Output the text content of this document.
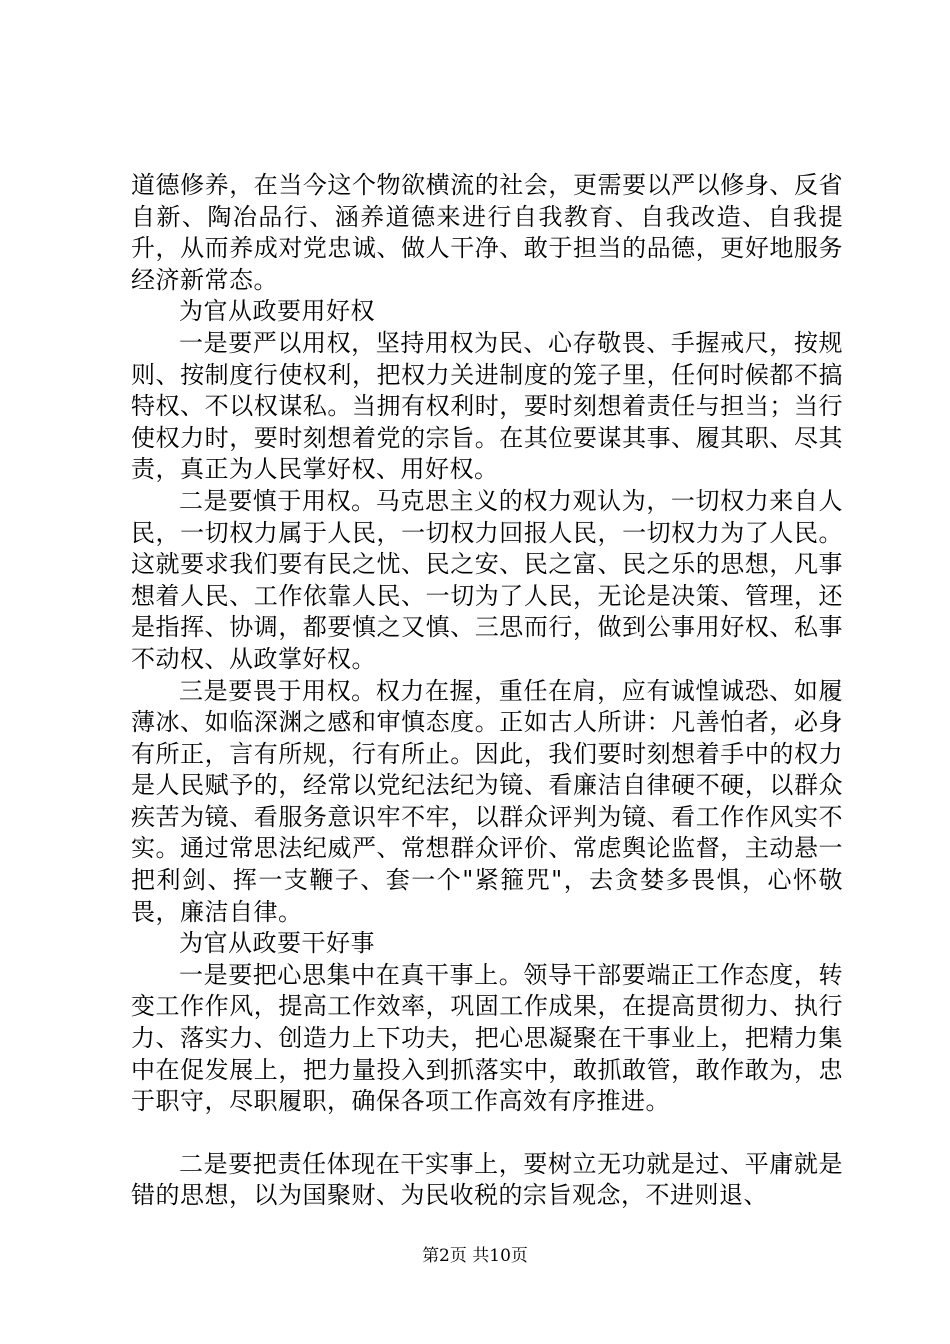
道德修养，在当今这个物欲横流的社会，更需要以严以修身、反省自新、陶冶品行、涵养道德来进行自我教育、自我改造、自我提升，从而养成对党忠诚、做人干净、敢于担当的品德，更好地服务经济新常态。

为官从政要用好权

一是要严以用权，坚持用权为民、心存敬畏、手握戒尺，按规则、按制度行使权利，把权力关进制度的笼子里，任何时候都不搞特权、不以权谋私。当拥有权利时，要时刻想着责任与担当；当行使权力时，要时刻想着党的宗旨。在其位要谋其事、履其职、尽其责，真正为人民掌好权、用好权。

二是要慎于用权。马克思主义的权力观认为，一切权力来自人民，一切权力属于人民，一切权力回报人民，一切权力为了人民。这就要求我们要有民之忧、民之安、民之富、民之乐的思想，凡事想着人民、工作依靠人民、一切为了人民，无论是决策、管理，还是指挥、协调，都要慎之又慎、三思而行，做到公事用好权、私事不动权、从政掌好权。

三是要畏于用权。权力在握，重任在肩，应有诚惶诚恐、如履薄冰、如临深渊之感和审慎态度。正如古人所讲：凡善怕者，必身有所正，言有所规，行有所止。因此，我们要时刻想着手中的权力是人民赋予的，经常以党纪法纪为镜、看廉洁自律硬不硬，以群众疾苦为镜、看服务意识牢不牢，以群众评判为镜、看工作作风实不实。通过常思法纪威严、常想群众评价、常虑舆论监督，主动悬一把利剑、挥一支鞭子、套一个"紧箍咒"，去贪婪多畏惧，心怀敬畏，廉洁自律。

为官从政要干好事

一是要把心思集中在真干事上。领导干部要端正工作态度，转变工作作风，提高工作效率，巩固工作成果，在提高贯彻力、执行力、落实力、创造力上下功夫，把心思凝聚在干事业上，把精力集中在促发展上，把力量投入到抓落实中，敢抓敢管，敢作敢为，忠于职守，尽职履职，确保各项工作高效有序推进。

二是要把责任体现在干实事上，要树立无功就是过、平庸就是错的思想，以为国聚财、为民收税的宗旨观念，不进则退、

第2页 共10页
